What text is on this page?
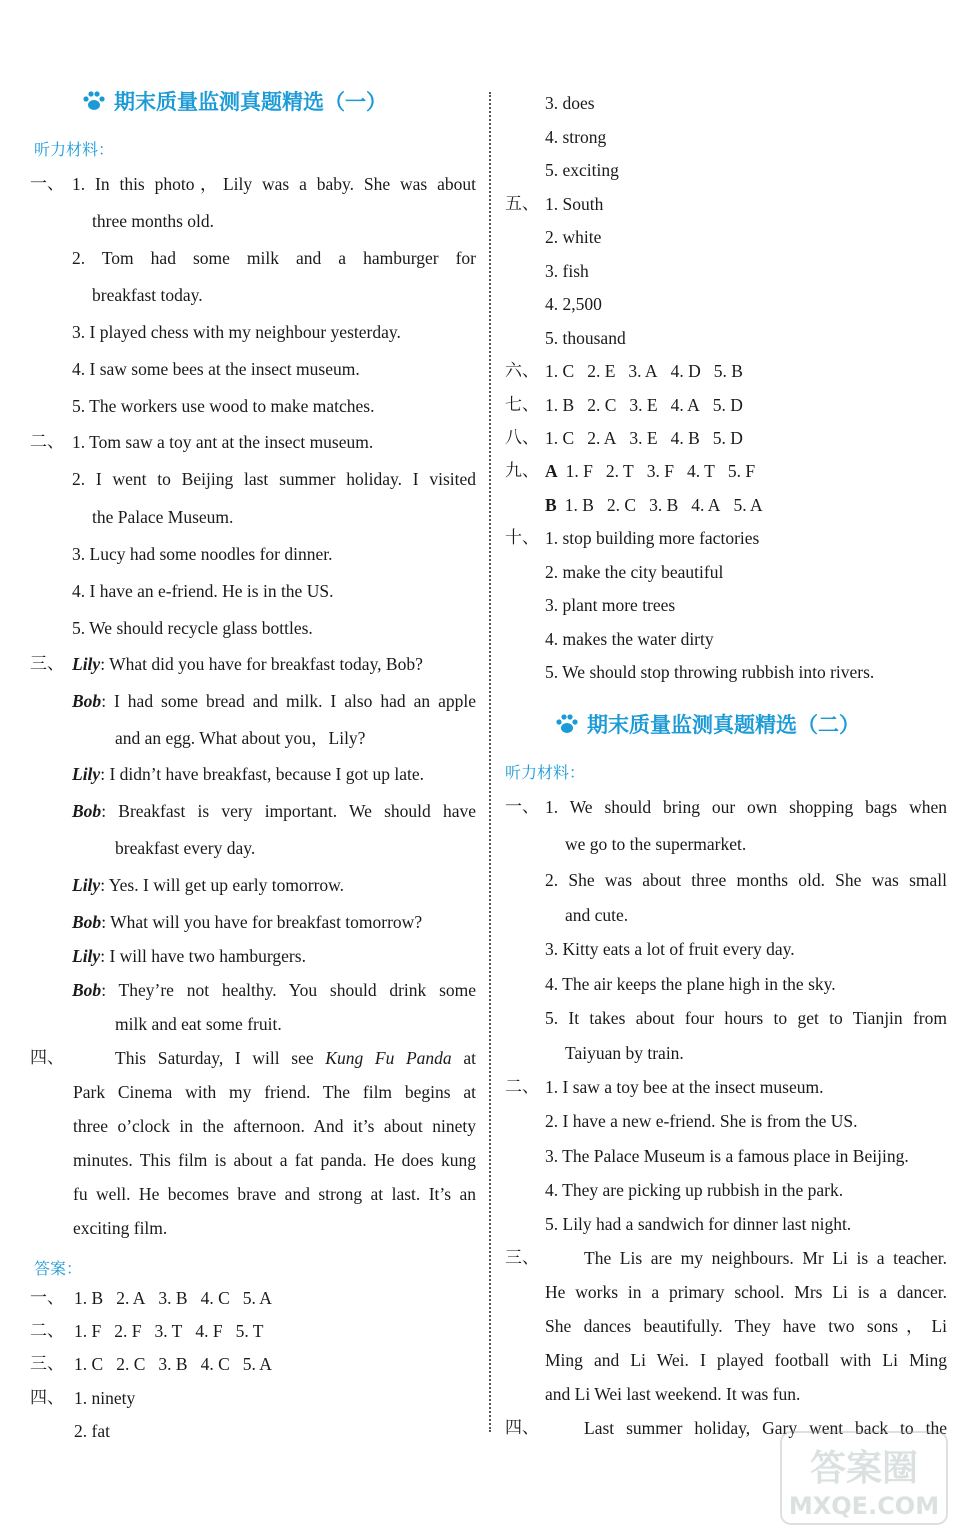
期末质量监测真题精选（一）
听力材料：
一、 1. In this photo，Lily was a baby. She was about
three months old.
2. Tom had some milk and a hamburger for
breakfast today.
3. I played chess with my neighbour yesterday.
4. I saw some bees at the insect museum.
5. The workers use wood to make matches.
二、 1. Tom saw a toy ant at the insect museum.
2. I went to Beijing last summer holiday. I visited
the Palace Museum.
3. Lucy had some noodles for dinner.
4. I have an e-friend. He is in the US.
5. We should recycle glass bottles.
三、 Lily: What did you have for breakfast today, Bob?
Bob: I had some bread and milk. I also had an apple
and an egg. What about you，Lily?
Lily: I didn’t have breakfast, because I got up late.
Bob: Breakfast is very important. We should have
breakfast every day.
Lily: Yes. I will get up early tomorrow.
Bob: What will you have for breakfast tomorrow?
Lily: I will have two hamburgers.
Bob: They’re not healthy. You should drink some
milk and eat some fruit.
四、	This Saturday, I will see Kung Fu Panda at
Park Cinema with my friend. The film begins at
three o’clock in the afternoon. And it’s about ninety
minutes. This film is about a fat panda. He does kung
fu well. He becomes brave and strong at last. It’s an
exciting film.
答案：
一、 1. B 2. A 3. B 4. C 5. A
二、 1. F 2. F 3. T 4. F 5. T
三、 1. C 2. C 3. B 4. C 5. A
四、 1. ninety
2. fat
3. does
4. strong
5. exciting
五、 1. South
2. white
3. fish
4. 2,500
5. thousand
六、 1. C 2. E 3. A 4. D 5. B
七、 1. B 2. C 3. E 4. A 5. D
八、 1. C 2. A 3. E 4. B 5. D
九、 A 1. F 2. T 3. F 4. T 5. F
B 1. B 2. C 3. B 4. A 5. A
十、 1. stop building more factories
2. make the city beautiful
3. plant more trees
4. makes the water dirty
5. We should stop throwing rubbish into rivers.
期末质量监测真题精选（二）
听力材料：
一、 1. We should bring our own shopping bags when
we go to the supermarket.
2. She was about three months old. She was small
and cute.
3. Kitty eats a lot of fruit every day.
4. The air keeps the plane high in the sky.
5. It takes about four hours to get to Tianjin from
Taiyuan by train.
二、 1. I saw a toy bee at the insect museum.
2. I have a new e-friend. She is from the US.
3. The Palace Museum is a famous place in Beijing.
4. They are picking up rubbish in the park.
5. Lily had a sandwich for dinner last night.
三、	The Lis are my neighbours. Mr Li is a teacher.
He works in a primary school. Mrs Li is a dancer.
She dances beautifully. They have two sons，Li
Ming and Li Wei. I played football with Li Ming
and Li Wei last weekend. It was fun.
四、	Last summer holiday, Gary went back to the
答案圈
MXQE.COM
